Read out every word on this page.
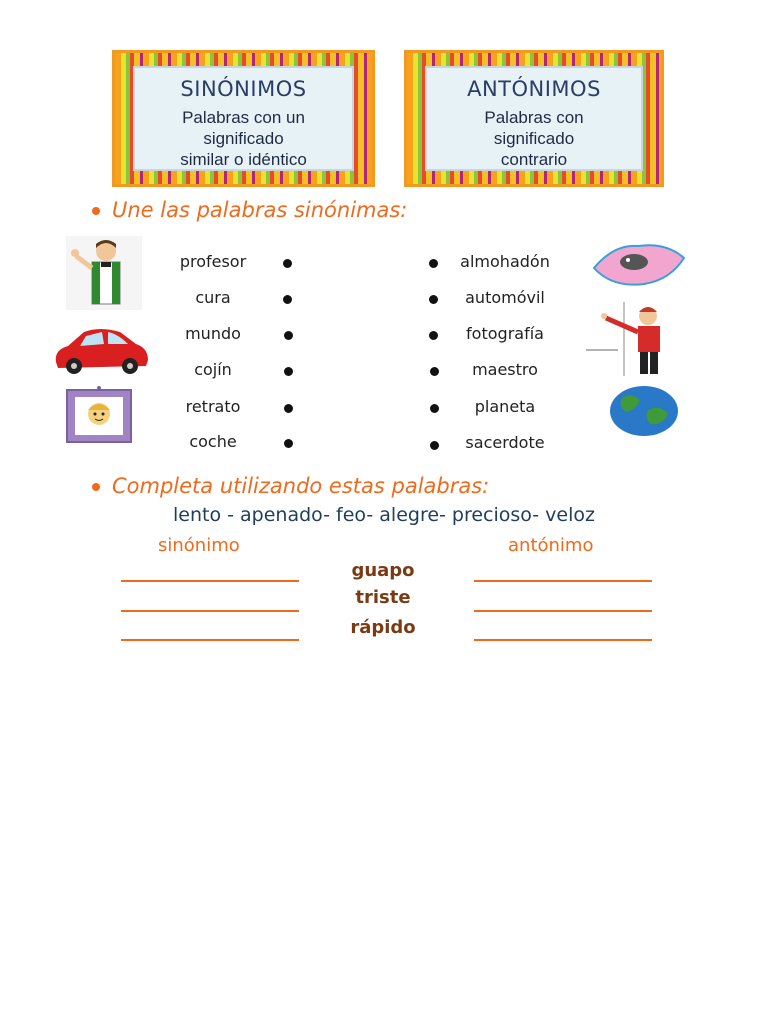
SINÓNIMOS
Palabras con un
significado
similar o idéntico
ANTÓNIMOS
Palabras con
significado
contrario
Une las palabras sinónimas:
profesor
cura
mundo
cojín
retrato
coche
almohadón
automóvil
fotografía
maestro
planeta
sacerdote
Completa utilizando estas palabras:
lento - apenado- feo- alegre- precioso- veloz
sinónimo	antónimo
guapo
triste
rápido
